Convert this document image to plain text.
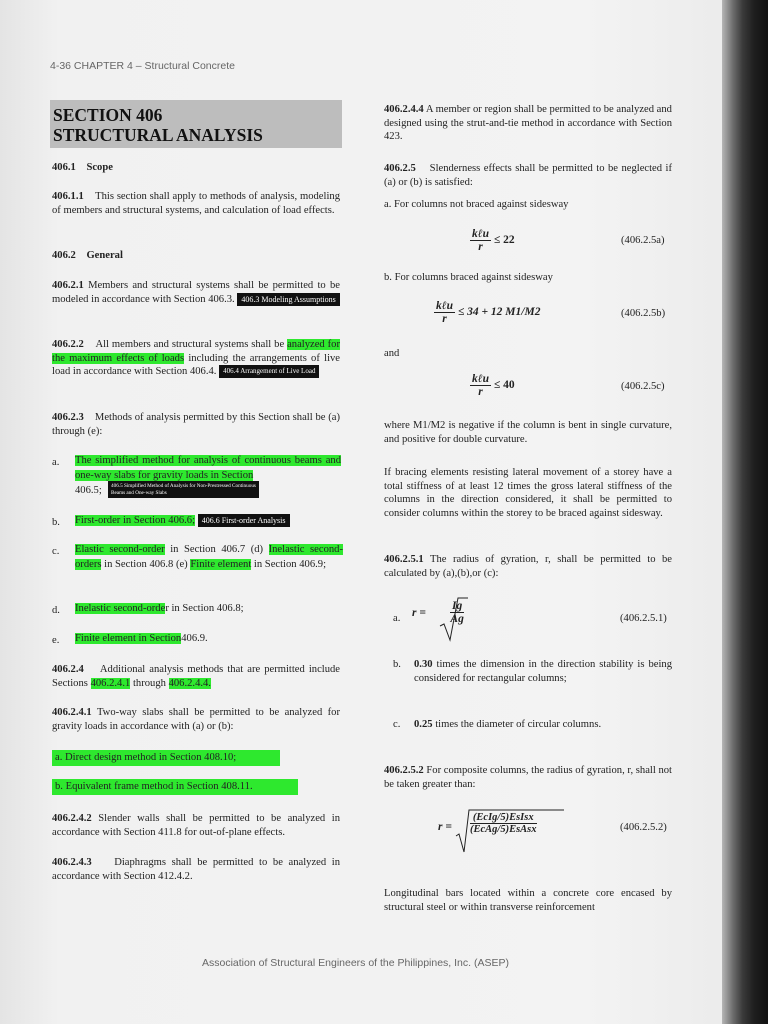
4-36 CHAPTER 4 – Structural Concrete
SECTION 406
STRUCTURAL ANALYSIS
406.1 Scope
406.1.1 This section shall apply to methods of analysis, modeling of members and structural systems, and calculation of load effects.
406.2 General
406.2.1 Members and structural systems shall be permitted to be modeled in accordance with Section 406.3. 406.3 Modeling Assumptions
406.2.2 All members and structural systems shall be analyzed for the maximum effects of loads including the arrangements of live load in accordance with Section 406.4. 406.4 Arrangement of Live Load
406.2.3 Methods of analysis permitted by this Section shall be (a) through (e):
a. The simplified method for analysis of continuous beams and one-way slabs for gravity loads in Section
406.5;	406.5 Simplified Method of Analysis for Non-Prestressed Continuous Beams and One-way Slabs
b. First-order in Section 406.6; 406.6 First-order Analysis
c. Elastic second-order in Section 406.7 (d) Inelastic second-orders in Section 406.8 (e) Finite element in Section 406.9;
d. Inelastic second-order in Section 406.8;
e. Finite element in Section406.9.
406.2.4 Additional analysis methods that are permitted include Sections 406.2.4.1 through 406.2.4.4.
406.2.4.1 Two-way slabs shall be permitted to be analyzed for gravity loads in accordance with (a) or (b):
a. Direct design method in Section 408.10;
b. Equivalent frame method in Section 408.11.
406.2.4.2 Slender walls shall be permitted to be analyzed in accordance with Section 411.8 for out-of-plane effects.
406.2.4.3 Diaphragms shall be permitted to be analyzed in accordance with Section 412.4.2.
406.2.4.4 A member or region shall be permitted to be analyzed and designed using the strut-and-tie method in accordance with Section 423.
406.2.5 Slenderness effects shall be permitted to be neglected if (a) or (b) is satisfied:
a. For columns not braced against sidesway
$\frac{\text{kℓu}}{r} \le 22$	(406.2.5a)
b. For columns braced against sidesway
$\frac{\text{kℓu}}{r} \le 34 + 12$ M1/M2	(406.2.5b)
and
$\frac{\text{kℓu}}{r} \le 40$	(406.2.5c)
where M1/M2 is negative if the column is bent in single curvature, and positive for double curvature.
If bracing elements resisting lateral movement of a storey have a total stiffness of at least 12 times the gross lateral stiffness of the columns in the direction considered, it shall be permitted to consider columns within the storey to be braced against sidesway.
406.2.5.1 The radius of gyration, r, shall be permitted to be calculated by (a),(b),or (c):
a. $r = \frac{Ig}{Ag}$	(406.2.5.1)
b. 0.30 times the dimension in the direction stability is being considered for rectangular columns;
c. 0.25 times the diameter of circular columns.
406.2.5.2 For composite columns, the radius of gyration, r, shall not be taken greater than:
$r = \frac{\text{(EcIg/5)EsIsx}}{\text{(EcAg/5)EsAsx}}$	(406.2.5.2)
Longitudinal bars located within a concrete core encased by structural steel or within transverse reinforcement
Association of Structural Engineers of the Philippines, Inc. (ASEP)
